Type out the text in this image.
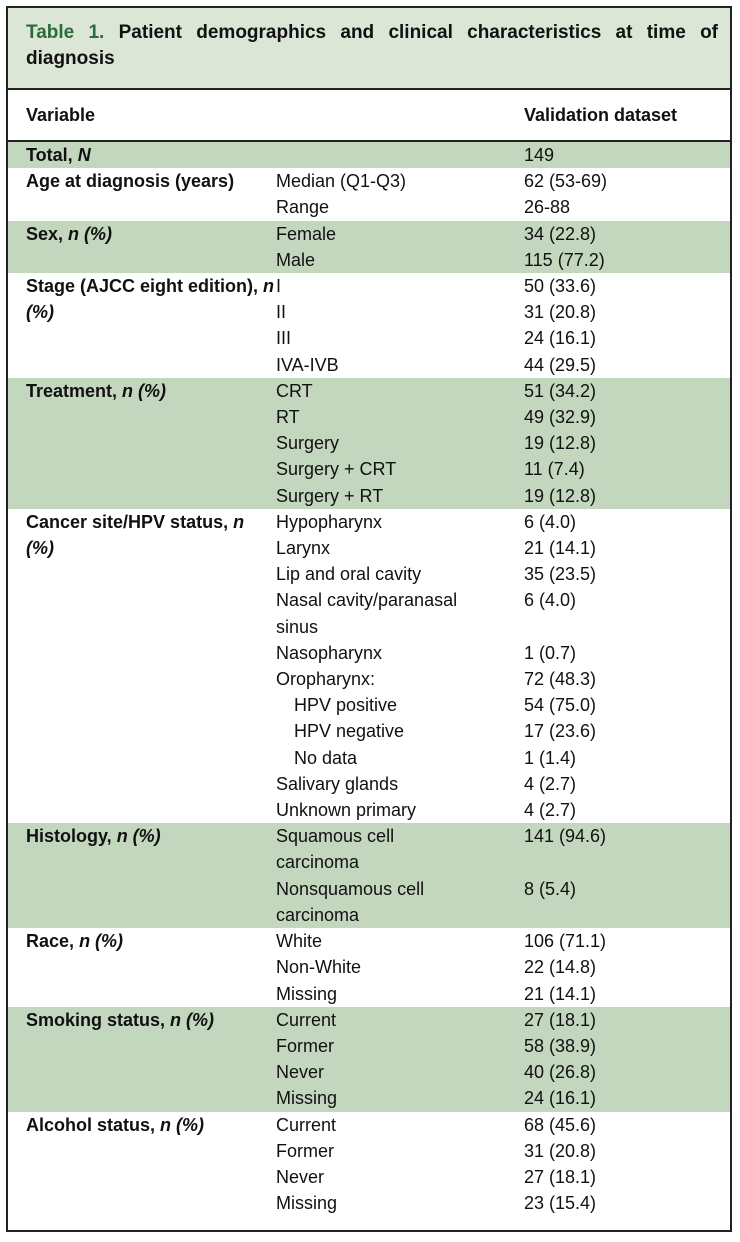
Table 1. Patient demographics and clinical characteristics at time of diagnosis
Variable	Validation dataset
Total, N	149
Age at diagnosis (years)	Median (Q1-Q3)	62 (53-69)
Range	26-88
Sex, n (%)	Female	34 (22.8)
Male	115 (77.2)
Stage (AJCC eight edition), n (%)
I	50 (33.6)
II	31 (20.8)
III	24 (16.1)
IVA-IVB	44 (29.5)
Treatment, n (%)	CRT	51 (34.2)
RT	49 (32.9)
Surgery	19 (12.8)
Surgery + CRT	11 (7.4)
Surgery + RT	19 (12.8)
Cancer site/HPV status, n (%)
Hypopharynx	6 (4.0)
Larynx	21 (14.1)
Lip and oral cavity	35 (23.5)
Nasal cavity/paranasal	6 (4.0)
sinus
Nasopharynx	1 (0.7)
Oropharynx:	72 (48.3)
HPV positive	54 (75.0)
HPV negative	17 (23.6)
No data	1 (1.4)
Salivary glands	4 (2.7)
Unknown primary	4 (2.7)
Histology, n (%)	Squamous cell	141 (94.6)
carcinoma
Nonsquamous cell	8 (5.4)
carcinoma
Race, n (%)	White	106 (71.1)
Non-White	22 (14.8)
Missing	21 (14.1)
Smoking status, n (%)	Current	27 (18.1)
Former	58 (38.9)
Never	40 (26.8)
Missing	24 (16.1)
Alcohol status, n (%)	Current	68 (45.6)
Former	31 (20.8)
Never	27 (18.1)
Missing	23 (15.4)
